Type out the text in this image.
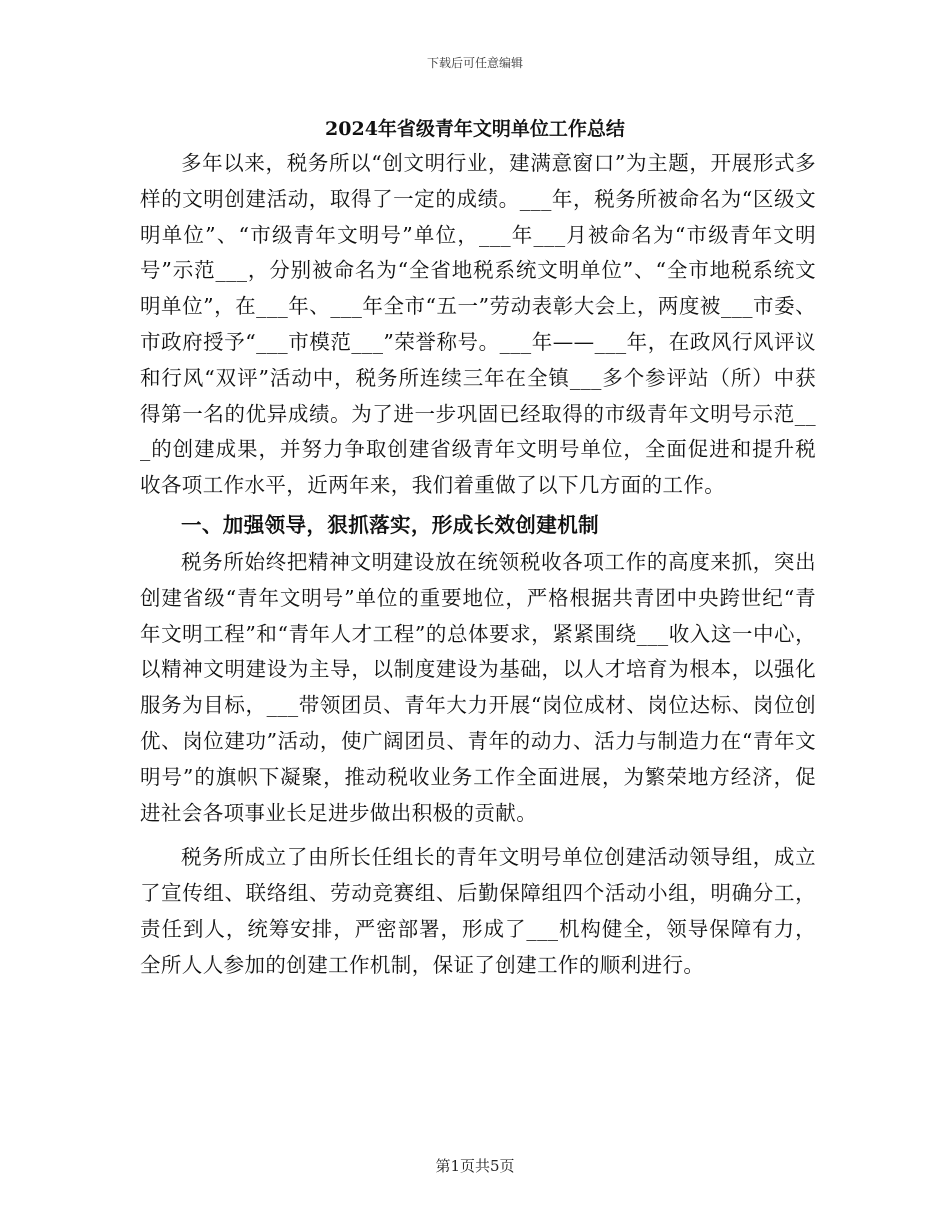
下载后可任意编辑
2024年省级青年文明单位工作总结

多年以来，税务所以“创文明行业，建满意窗口”为主题，开展形式多样的文明创建活动，取得了一定的成绩。___年，税务所被命名为“区级文明单位”、“市级青年文明号”单位，___年___月被命名为“市级青年文明号”示范___，分别被命名为“全省地税系统文明单位”、“全市地税系统文明单位”，在___年、___年全市“五一”劳动表彰大会上，两度被___市委、市政府授予“___市模范___”荣誉称号。___年——___年，在政风行风评议和行风“双评”活动中，税务所连续三年在全镇___多个参评站（所）中获得第一名的优异成绩。为了进一步巩固已经取得的市级青年文明号示范___的创建成果，并努力争取创建省级青年文明号单位，全面促进和提升税收各项工作水平，近两年来，我们着重做了以下几方面的工作。

一、加强领导，狠抓落实，形成长效创建机制

税务所始终把精神文明建设放在统领税收各项工作的高度来抓，突出创建省级“青年文明号”单位的重要地位，严格根据共青团中央跨世纪“青年文明工程”和“青年人才工程”的总体要求，紧紧围绕___收入这一中心，以精神文明建设为主导，以制度建设为基础，以人才培育为根本，以强化服务为目标，___带领团员、青年大力开展“岗位成材、岗位达标、岗位创优、岗位建功”活动，使广阔团员、青年的动力、活力与制造力在“青年文明号”的旗帜下凝聚，推动税收业务工作全面进展，为繁荣地方经济，促进社会各项事业长足进步做出积极的贡献。

税务所成立了由所长任组长的青年文明号单位创建活动领导组，成立了宣传组、联络组、劳动竞赛组、后勤保障组四个活动小组，明确分工，责任到人，统筹安排，严密部署，形成了___机构健全，领导保障有力，全所人人参加的创建工作机制，保证了创建工作的顺利进行。

第1页共5页
